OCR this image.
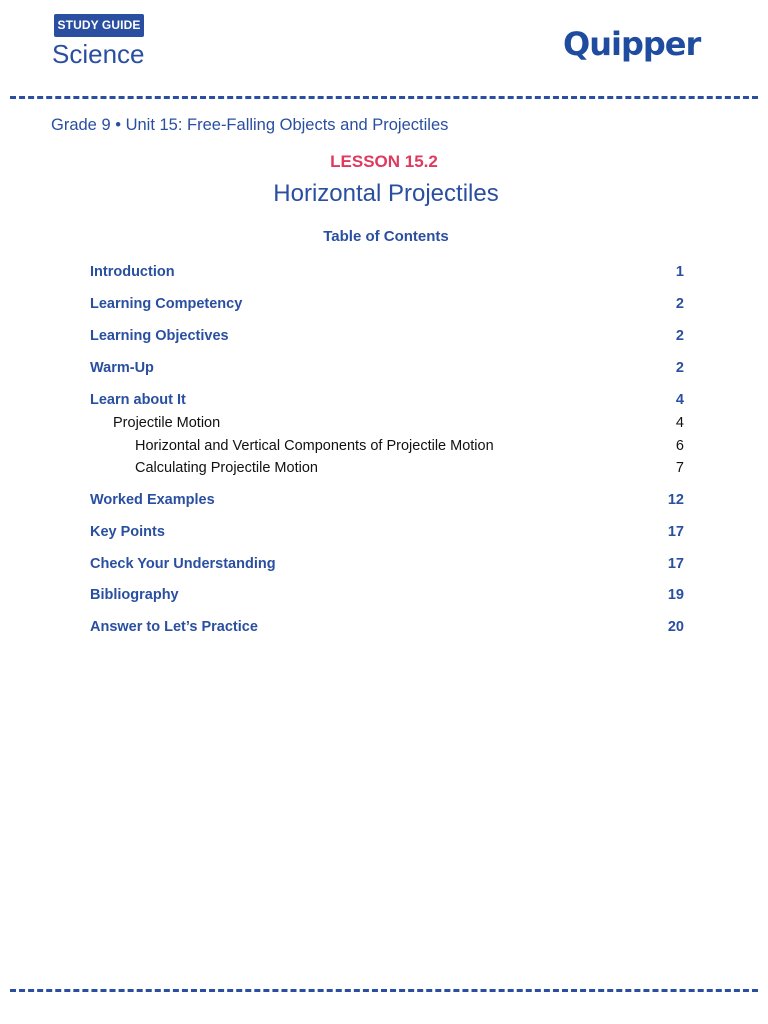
STUDY GUIDE
Science	Quipper
Grade 9 • Unit 15: Free-Falling Objects and Projectiles
LESSON 15.2
Horizontal Projectiles
Table of Contents
Introduction	1
Learning Competency	2
Learning Objectives	2
Warm-Up	2
Learn about It	4
Projectile Motion	4
Horizontal and Vertical Components of Projectile Motion	6
Calculating Projectile Motion	7
Worked Examples	12
Key Points	17
Check Your Understanding	17
Bibliography	19
Answer to Let’s Practice	20
